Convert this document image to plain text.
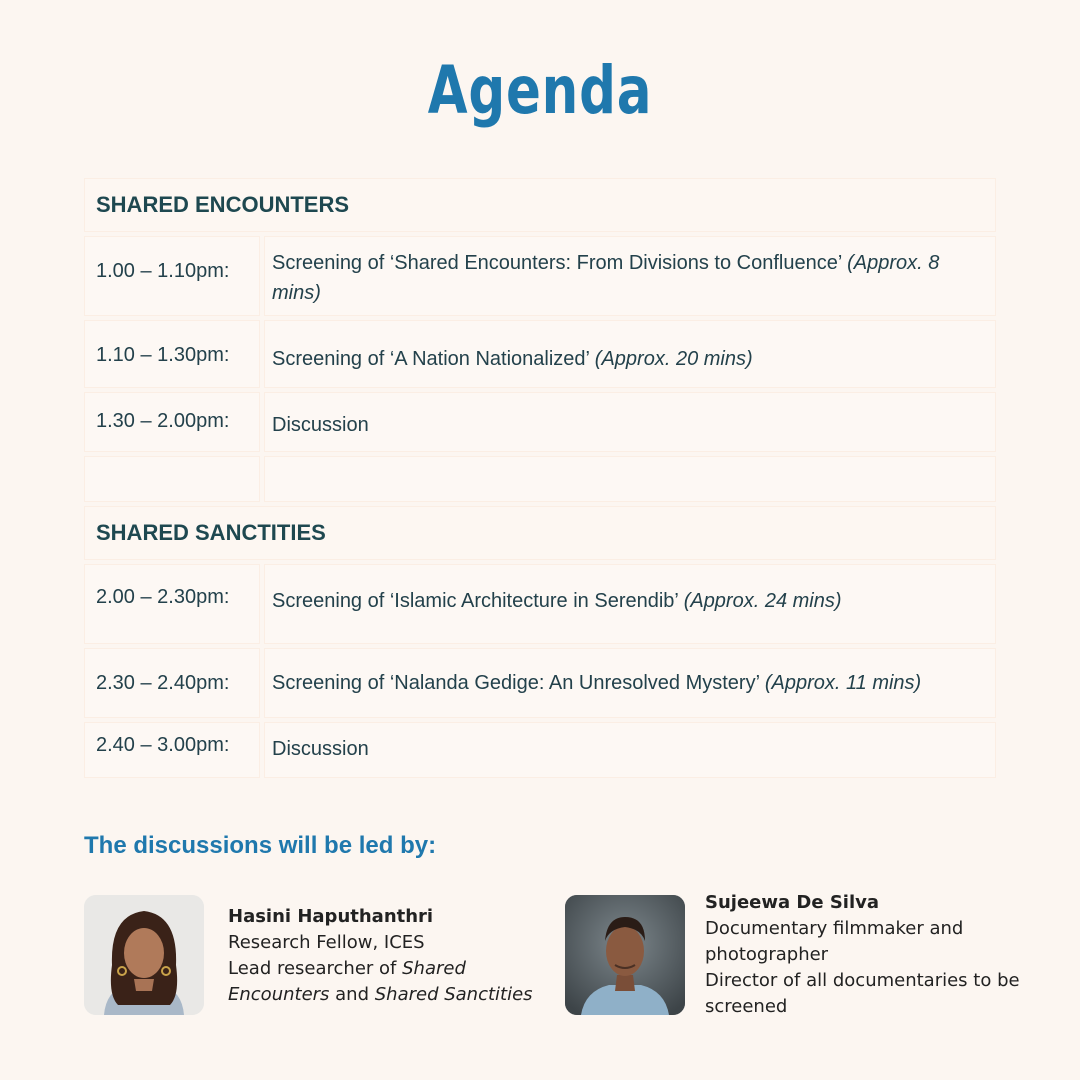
Agenda
SHARED ENCOUNTERS
1.00 – 1.10pm:	Screening of ‘Shared Encounters: From Divisions to Confluence’ (Approx. 8 mins)
1.10 – 1.30pm:	Screening of ‘A Nation Nationalized’ (Approx. 20 mins)
1.30 – 2.00pm:	Discussion
SHARED SANCTITIES
2.00 – 2.30pm:	Screening of ‘Islamic Architecture in Serendib’ (Approx. 24 mins)
2.30 – 2.40pm:	Screening of ‘Nalanda Gedige: An Unresolved Mystery’ (Approx. 11 mins)
2.40 – 3.00pm:	Discussion
The discussions will be led by:
Hasini Haputhanthri
Research Fellow, ICES
Lead researcher of Shared
Encounters and Shared Sanctities
Sujeewa De Silva
Documentary filmmaker and
photographer
Director of all documentaries to be
screened
